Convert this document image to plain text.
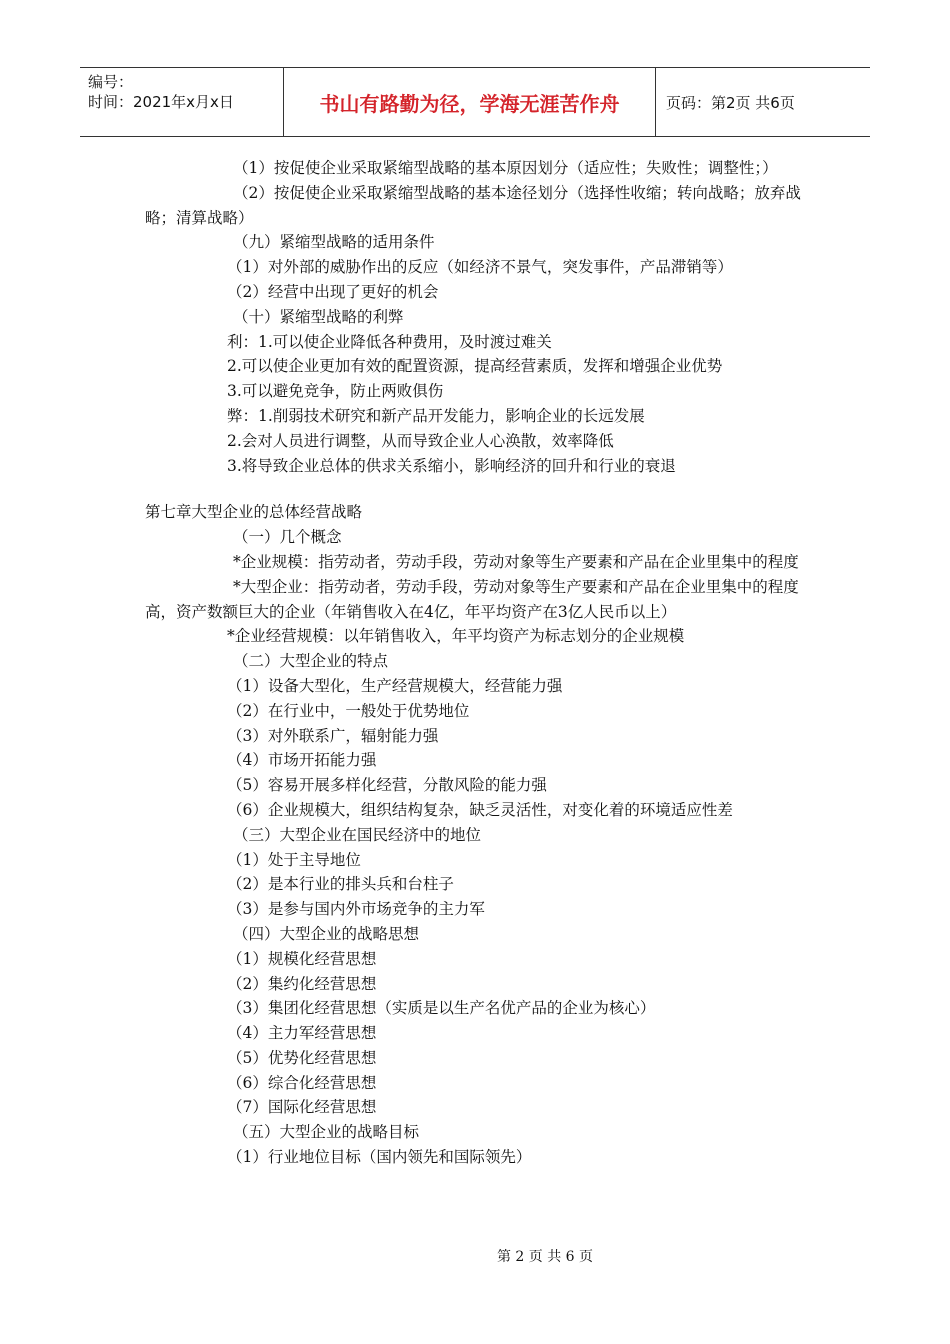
编号：
时间：2021年x月x日	书山有路勤为径，学海无涯苦作舟	页码：第2页 共6页

（1）按促使企业采取紧缩型战略的基本原因划分（适应性；失败性；调整性；）

（2）按促使企业采取紧缩型战略的基本途径划分（选择性收缩；转向战略；放弃战略；清算战略）

（九）紧缩型战略的适用条件

（1）对外部的威胁作出的反应（如经济不景气，突发事件，产品滞销等）

（2）经营中出现了更好的机会

（十）紧缩型战略的利弊

利：1.可以使企业降低各种费用，及时渡过难关

2.可以使企业更加有效的配置资源，提高经营素质，发挥和增强企业优势

3.可以避免竞争，防止两败俱伤

弊：1.削弱技术研究和新产品开发能力，影响企业的长远发展

2.会对人员进行调整，从而导致企业人心涣散，效率降低

3.将导致企业总体的供求关系缩小，影响经济的回升和行业的衰退

第七章大型企业的总体经营战略

（一）几个概念

*企业规模：指劳动者，劳动手段，劳动对象等生产要素和产品在企业里集中的程度

*大型企业：指劳动者，劳动手段，劳动对象等生产要素和产品在企业里集中的程度高，资产数额巨大的企业（年销售收入在4亿，年平均资产在3亿人民币以上）

*企业经营规模：以年销售收入，年平均资产为标志划分的企业规模

（二）大型企业的特点

（1）设备大型化，生产经营规模大，经营能力强

（2）在行业中，一般处于优势地位

（3）对外联系广，辐射能力强

（4）市场开拓能力强

（5）容易开展多样化经营，分散风险的能力强

（6）企业规模大，组织结构复杂，缺乏灵活性，对变化着的环境适应性差

（三）大型企业在国民经济中的地位

（1）处于主导地位

（2）是本行业的排头兵和台柱子

（3）是参与国内外市场竞争的主力军

（四）大型企业的战略思想

（1）规模化经营思想

（2）集约化经营思想

（3）集团化经营思想（实质是以生产名优产品的企业为核心）

（4）主力军经营思想

（5）优势化经营思想

（6）综合化经营思想

（7）国际化经营思想

（五）大型企业的战略目标

（1）行业地位目标（国内领先和国际领先）

第 2 页 共 6 页
